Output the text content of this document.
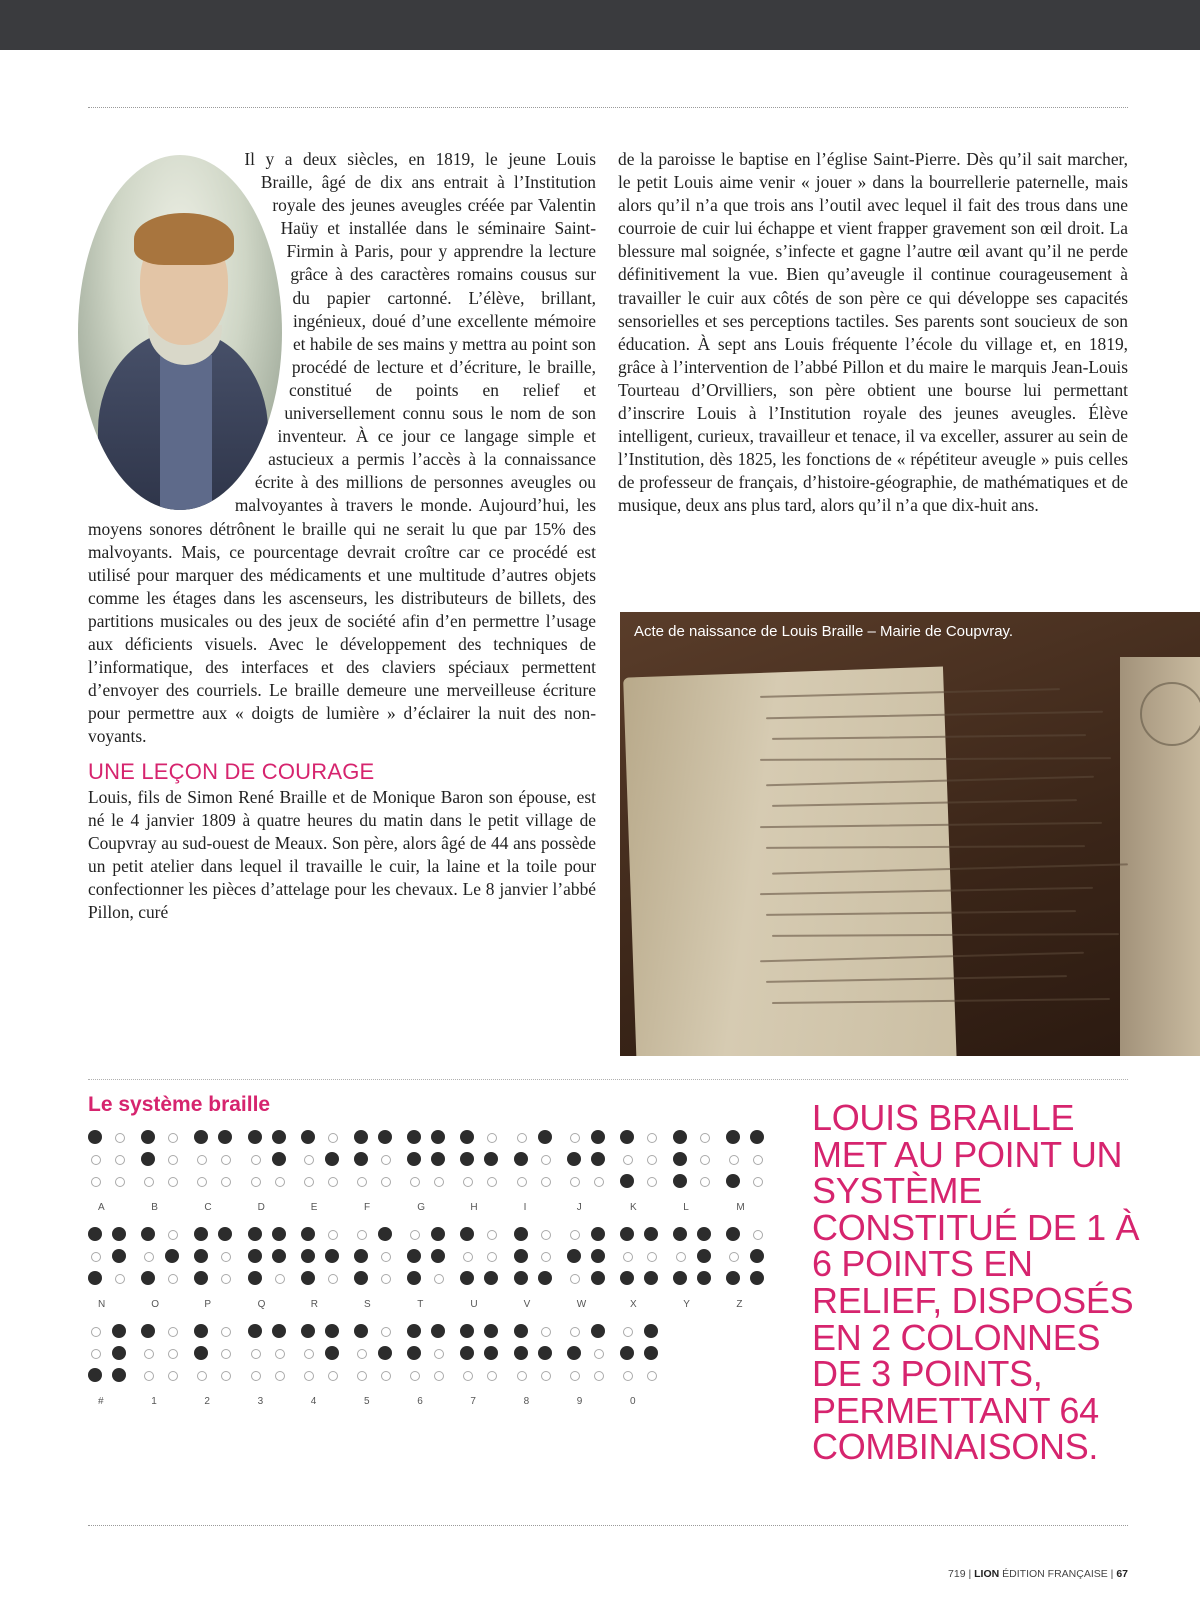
Il y a deux siècles, en 1819, le jeune Louis Braille, âgé de dix ans entrait à l’Institution royale des jeunes aveugles créée par Valentin Haüy et installée dans le séminaire Saint-Firmin à Paris, pour y apprendre la lecture grâce à des caractères romains cousus sur du papier cartonné. L’élève, brillant, ingénieux, doué d’une excellente mémoire et habile de ses mains y mettra au point son procédé de lecture et d’écriture, le braille, constitué de points en relief et universellement connu sous le nom de son inventeur. À ce jour ce langage simple et astucieux a permis l’accès à la connaissance écrite à des millions de personnes aveugles ou malvoyantes à travers le monde. Aujourd’hui, les moyens sonores détrônent le braille qui ne serait lu que par 15% des malvoyants. Mais, ce pourcentage devrait croître car ce procédé est utilisé pour marquer des médicaments et une multitude d’autres objets comme les étages dans les ascenseurs, les distributeurs de billets, des partitions musicales ou des jeux de société afin d’en permettre l’usage aux déficients visuels. Avec le développement des techniques de l’informatique, des interfaces et des claviers spéciaux permettent d’envoyer des courriels. Le braille demeure une merveilleuse écriture pour permettre aux « doigts de lumière » d’éclairer la nuit des non-voyants.

UNE LEÇON DE COURAGE

Louis, fils de Simon René Braille et de Monique Baron son épouse, est né le 4 janvier 1809 à quatre heures du matin dans le petit village de Coupvray au sud-ouest de Meaux. Son père, alors âgé de 44 ans possède un petit atelier dans lequel il travaille le cuir, la laine et la toile pour confectionner les pièces d’attelage pour les chevaux. Le 8 janvier l’abbé Pillon, curé

de la paroisse le baptise en l’église Saint-Pierre. Dès qu’il sait marcher, le petit Louis aime venir « jouer » dans la bourrellerie paternelle, mais alors qu’il n’a que trois ans l’outil avec lequel il fait des trous dans une courroie de cuir lui échappe et vient frapper gravement son œil droit. La blessure mal soignée, s’infecte et gagne l’autre œil avant qu’il ne perde définitivement la vue. Bien qu’aveugle il continue courageusement à travailler le cuir aux côtés de son père ce qui développe ses capacités sensorielles et ses perceptions tactiles. Ses parents sont soucieux de son éducation. À sept ans Louis fréquente l’école du village et, en 1819, grâce à l’intervention de l’abbé Pillon et du maire le marquis Jean-Louis Tourteau d’Orvilliers, son père obtient une bourse lui permettant d’inscrire Louis à l’Institution royale des jeunes aveugles. Élève intelligent, curieux, travailleur et tenace, il va exceller, assurer au sein de l’Institution, dès 1825, les fonctions de « répétiteur aveugle » puis celles de professeur de français, d’histoire-géographie, de mathématiques et de musique, deux ans plus tard, alors qu’il n’a que dix-huit ans.

Acte de naissance de Louis Braille – Mairie de Coupvray.
Le système braille
A	B	C	D	E	F	G	H	I	J	K	L	M
N	O	P	Q	R	S	T	U	V	W	X	Y	Z
#	1	2	3	4	5	6	7	8	9	0

LOUIS BRAILLE MET AU POINT UN SYSTÈME CONSTITUÉ DE 1 À 6 POINTS EN RELIEF, DISPOSÉS EN 2 COLONNES DE 3 POINTS, PERMETTANT 64 COMBINAISONS.

719 | LION ÉDITION FRANÇAISE | 67
